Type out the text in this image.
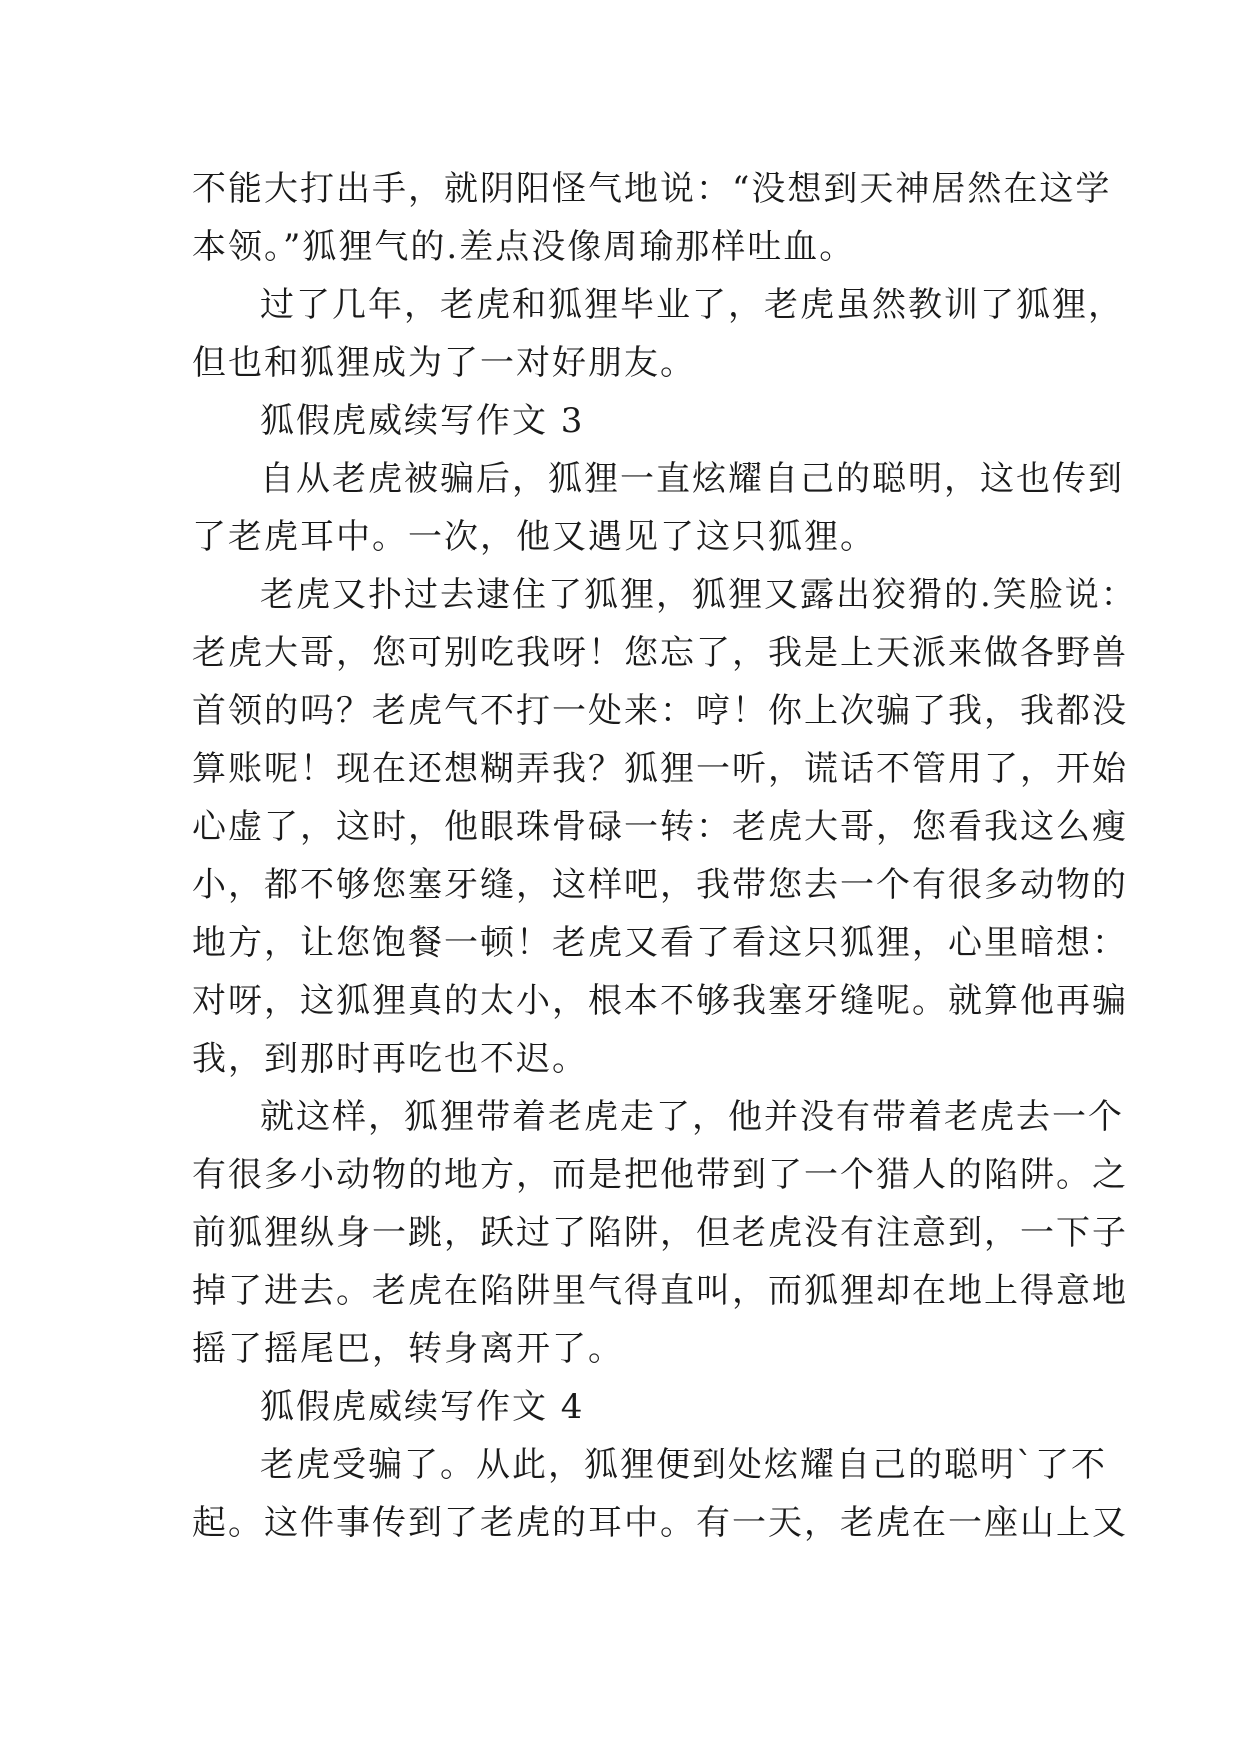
不能大打出手，就阴阳怪气地说：“没想到天神居然在这学
本领。”狐狸气的.差点没像周瑜那样吐血。
过了几年，老虎和狐狸毕业了，老虎虽然教训了狐狸，
但也和狐狸成为了一对好朋友。
狐假虎威续写作文 3
自从老虎被骗后，狐狸一直炫耀自己的聪明，这也传到
了老虎耳中。一次，他又遇见了这只狐狸。
老虎又扑过去逮住了狐狸，狐狸又露出狡猾的.笑脸说：
老虎大哥，您可别吃我呀！您忘了，我是上天派来做各野兽
首领的吗？老虎气不打一处来：哼！你上次骗了我，我都没
算账呢！现在还想糊弄我？狐狸一听，谎话不管用了，开始
心虚了，这时，他眼珠骨碌一转：老虎大哥，您看我这么瘦
小，都不够您塞牙缝，这样吧，我带您去一个有很多动物的
地方，让您饱餐一顿！老虎又看了看这只狐狸，心里暗想：
对呀，这狐狸真的太小，根本不够我塞牙缝呢。就算他再骗
我，到那时再吃也不迟。
就这样，狐狸带着老虎走了，他并没有带着老虎去一个
有很多小动物的地方，而是把他带到了一个猎人的陷阱。之
前狐狸纵身一跳，跃过了陷阱，但老虎没有注意到，一下子
掉了进去。老虎在陷阱里气得直叫，而狐狸却在地上得意地
摇了摇尾巴，转身离开了。
狐假虎威续写作文 4
老虎受骗了。从此，狐狸便到处炫耀自己的聪明`了不
起。这件事传到了老虎的耳中。有一天，老虎在一座山上又
